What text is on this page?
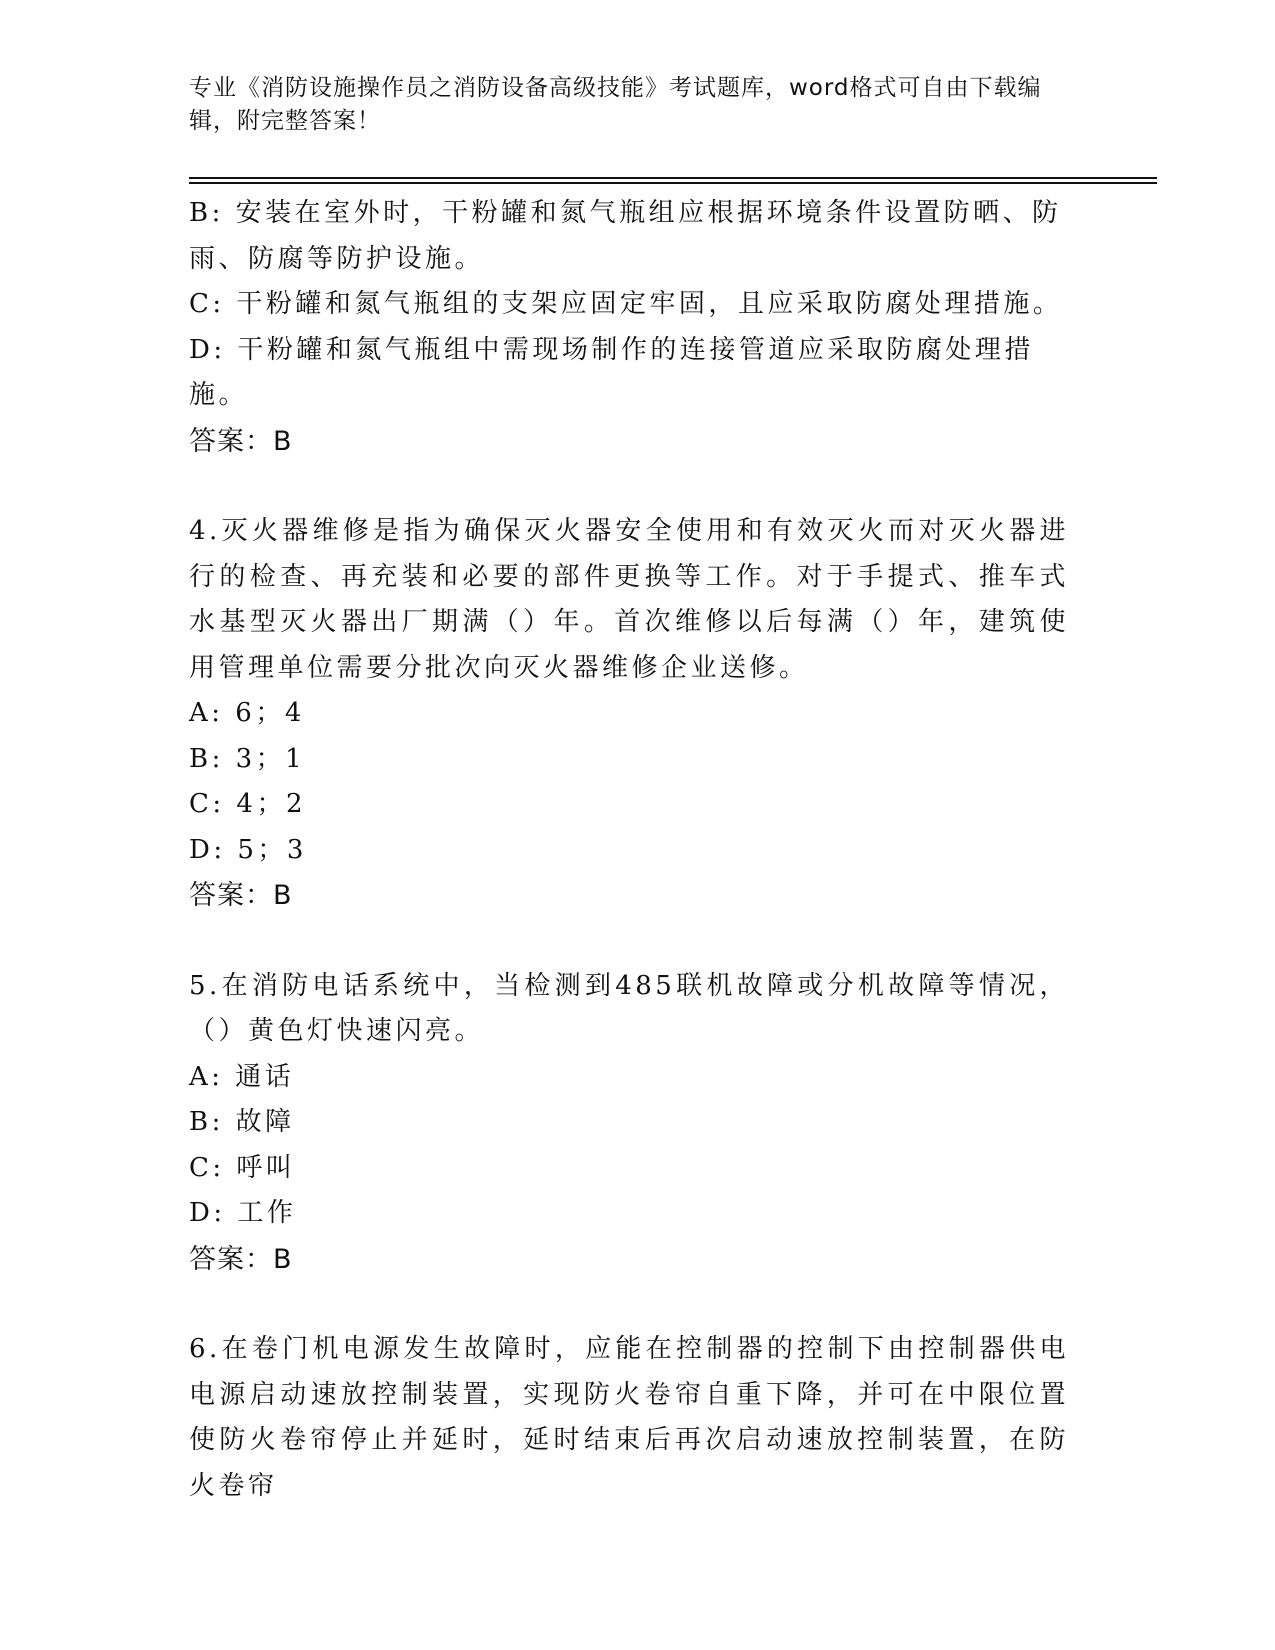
专业《消防设施操作员之消防设备高级技能》考试题库，word格式可自由下载编辑，附完整答案！
B: 安装在室外时，干粉罐和氮气瓶组应根据环境条件设置防晒、防雨、防腐等防护设施。
C: 干粉罐和氮气瓶组的支架应固定牢固，且应采取防腐处理措施。
D: 干粉罐和氮气瓶组中需现场制作的连接管道应采取防腐处理措施。
答案：B
4.灭火器维修是指为确保灭火器安全使用和有效灭火而对灭火器进行的检查、再充装和必要的部件更换等工作。对于手提式、推车式水基型灭火器出厂期满（）年。首次维修以后每满（）年，建筑使用管理单位需要分批次向灭火器维修企业送修。
A: 6；4
B: 3；1
C: 4；2
D: 5；3
答案：B
5.在消防电话系统中，当检测到485联机故障或分机故障等情况，（）黄色灯快速闪亮。
A: 通话
B: 故障
C: 呼叫
D: 工作
答案：B
6.在卷门机电源发生故障时，应能在控制器的控制下由控制器供电电源启动速放控制装置，实现防火卷帘自重下降，并可在中限位置使防火卷帘停止并延时，延时结束后再次启动速放控制装置，在防火卷帘
